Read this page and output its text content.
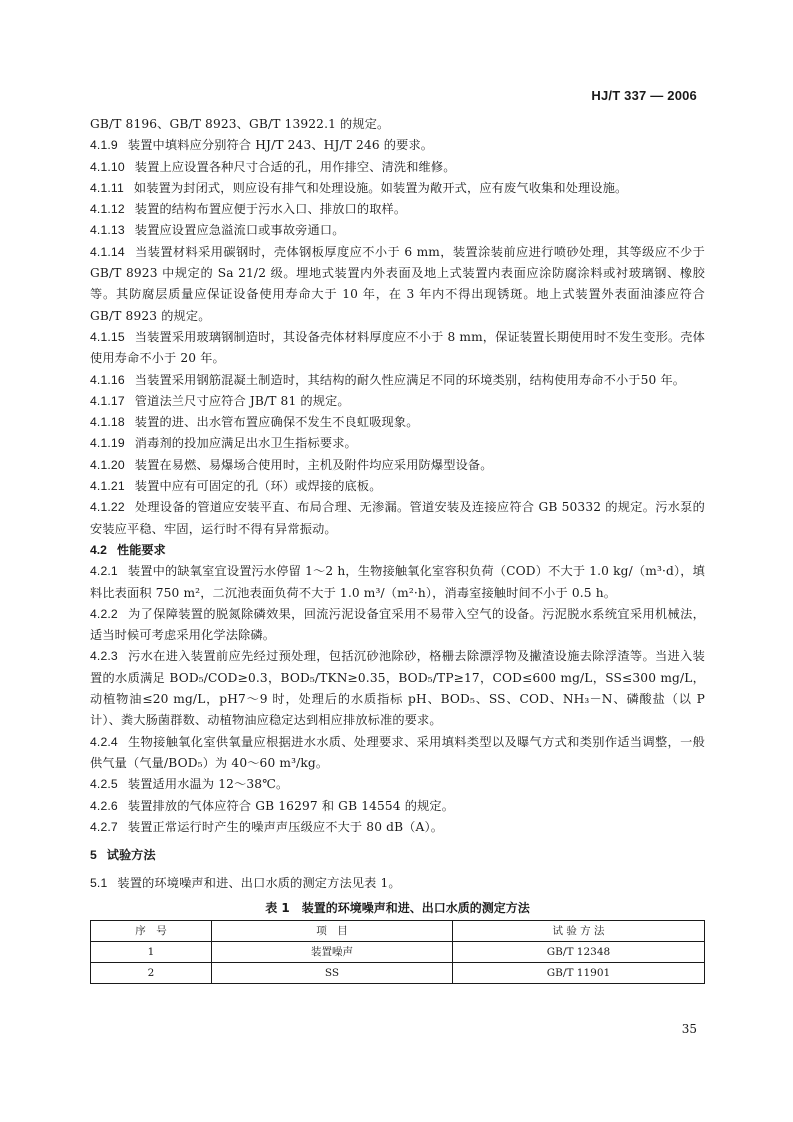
HJ/T 337 — 2006

GB/T 8196、GB/T 8923、GB/T 13922.1 的规定。

4.1.9 装置中填料应分别符合 HJ/T 243、HJ/T 246 的要求。

4.1.10 装置上应设置各种尺寸合适的孔，用作排空、清洗和维修。

4.1.11 如装置为封闭式，则应设有排气和处理设施。如装置为敞开式，应有废气收集和处理设施。

4.1.12 装置的结构布置应便于污水入口、排放口的取样。

4.1.13 装置应设置应急溢流口或事故旁通口。

4.1.14 当装置材料采用碳钢时，壳体钢板厚度应不小于 6 mm，装置涂装前应进行喷砂处理，其等级应不少于 GB/T 8923 中规定的 Sa 21/2 级。埋地式装置内外表面及地上式装置内表面应涂防腐涂料或衬玻璃钢、橡胶等。其防腐层质量应保证设备使用寿命大于 10 年，在 3 年内不得出现锈斑。地上式装置外表面油漆应符合 GB/T 8923 的规定。

4.1.15 当装置采用玻璃钢制造时，其设备壳体材料厚度应不小于 8 mm，保证装置长期使用时不发生变形。壳体使用寿命不小于 20 年。

4.1.16 当装置采用钢筋混凝土制造时，其结构的耐久性应满足不同的环境类别，结构使用寿命不小于50 年。

4.1.17 管道法兰尺寸应符合 JB/T 81 的规定。

4.1.18 装置的进、出水管布置应确保不发生不良虹吸现象。

4.1.19 消毒剂的投加应满足出水卫生指标要求。

4.1.20 装置在易燃、易爆场合使用时，主机及附件均应采用防爆型设备。

4.1.21 装置中应有可固定的孔（环）或焊接的底板。

4.1.22 处理设备的管道应安装平直、布局合理、无渗漏。管道安装及连接应符合 GB 50332 的规定。污水泵的安装应平稳、牢固，运行时不得有异常振动。

4.2 性能要求

4.2.1 装置中的缺氧室宜设置污水停留 1～2 h，生物接触氧化室容积负荷（COD）不大于 1.0 kg/（m³·d），填料比表面积 750 m²，二沉池表面负荷不大于 1.0 m³/（m²·h），消毒室接触时间不小于 0.5 h。

4.2.2 为了保障装置的脱氮除磷效果，回流污泥设备宜采用不易带入空气的设备。污泥脱水系统宜采用机械法，适当时候可考虑采用化学法除磷。

4.2.3 污水在进入装置前应先经过预处理，包括沉砂池除砂，格栅去除漂浮物及撇渣设施去除浮渣等。当进入装置的水质满足 BOD₅/COD≥0.3，BOD₅/TKN≥0.35，BOD₅/TP≥17，COD≤600 mg/L，SS≤300 mg/L，动植物油≤20 mg/L，pH7～9 时，处理后的水质指标 pH、BOD₅、SS、COD、NH₃－N、磷酸盐（以 P 计）、粪大肠菌群数、动植物油应稳定达到相应排放标准的要求。

4.2.4 生物接触氧化室供氧量应根据进水水质、处理要求、采用填料类型以及曝气方式和类别作适当调整，一般供气量（气量/BOD₅）为 40～60 m³/kg。

4.2.5 装置适用水温为 12～38℃。

4.2.6 装置排放的气体应符合 GB 16297 和 GB 14554 的规定。

4.2.7 装置正常运行时产生的噪声声压级应不大于 80 dB（A）。

5 试验方法

5.1 装置的环境噪声和进、出口水质的测定方法见表 1。

表 1　装置的环境噪声和进、出口水质的测定方法
序　号	项　目	试 验 方 法
1	装置噪声	GB/T 12348
2	SS	GB/T 11901
35
